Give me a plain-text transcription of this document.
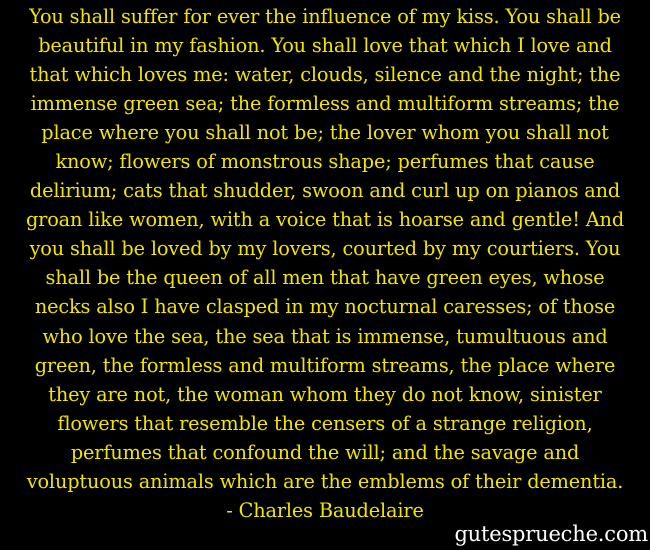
You shall suffer for ever the influence of my kiss. You shall be
beautiful in my fashion. You shall love that which I love and
that which loves me: water, clouds, silence and the night; the
immense green sea; the formless and multiform streams; the
place where you shall not be; the lover whom you shall not
know; flowers of monstrous shape; perfumes that cause
delirium; cats that shudder, swoon and curl up on pianos and
groan like women, with a voice that is hoarse and gentle! And
you shall be loved by my lovers, courted by my courtiers. You
shall be the queen of all men that have green eyes, whose
necks also I have clasped in my nocturnal caresses; of those
who love the sea, the sea that is immense, tumultuous and
green, the formless and multiform streams, the place where
they are not, the woman whom they do not know, sinister
flowers that resemble the censers of a strange religion,
perfumes that confound the will; and the savage and
voluptuous animals which are the emblems of their dementia.
- Charles Baudelaire
gutesprueche.com
